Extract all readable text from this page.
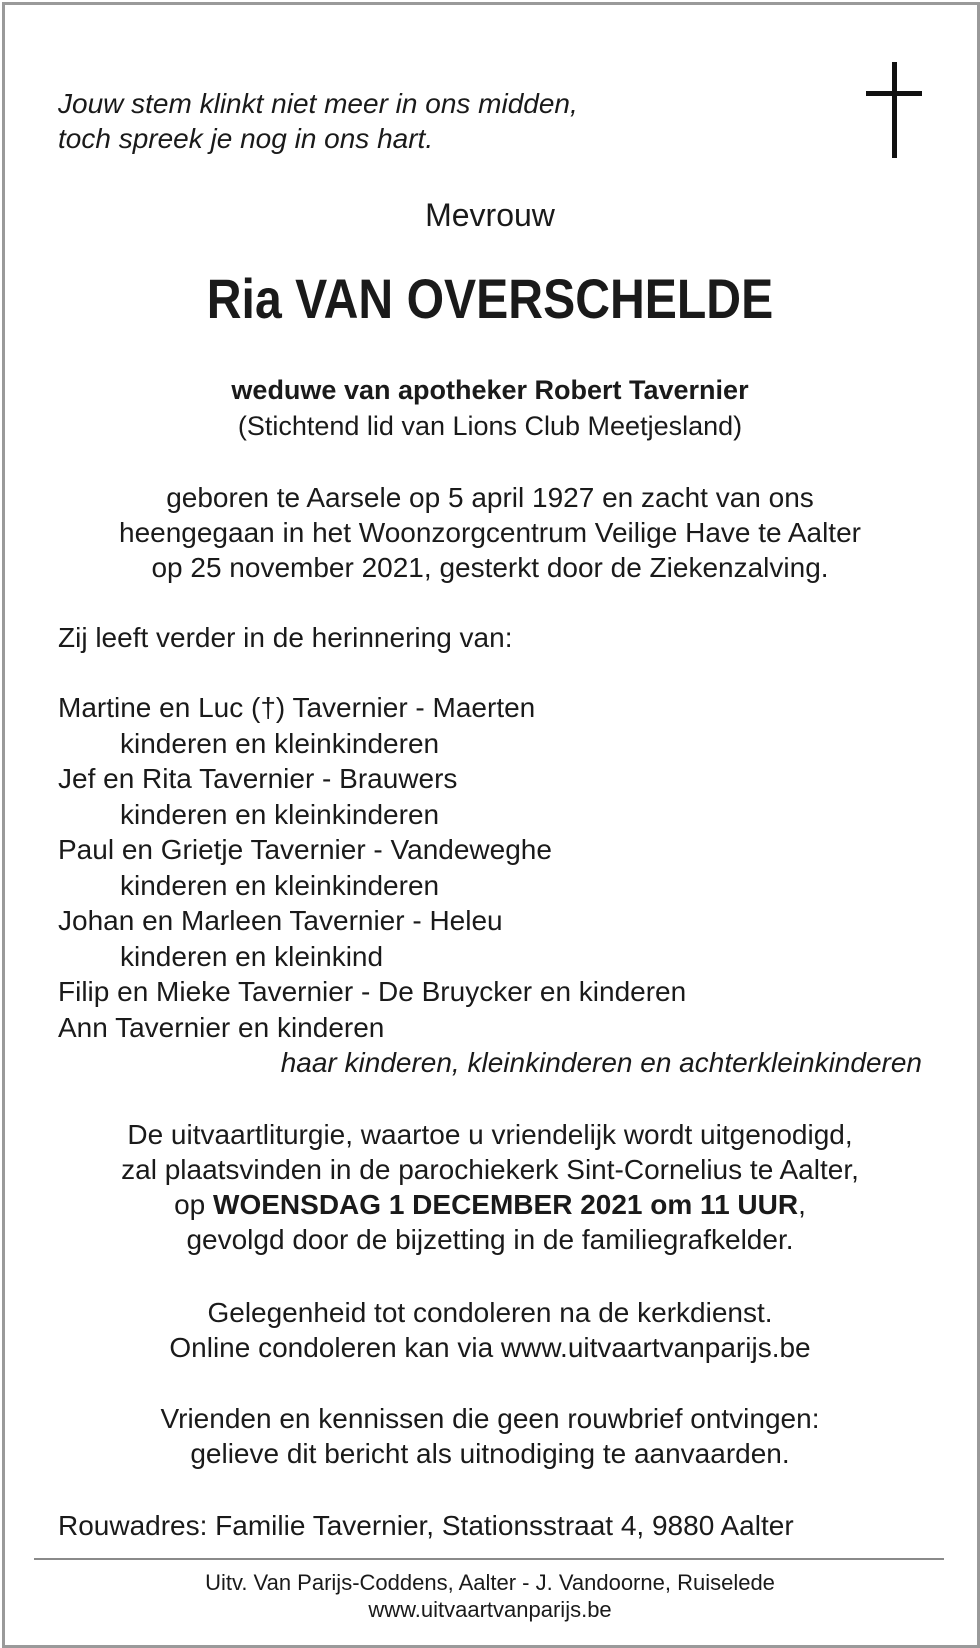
Jouw stem klinkt niet meer in ons midden,
toch spreek je nog in ons hart.
Mevrouw
Ria VAN OVERSCHELDE
weduwe van apotheker Robert Tavernier
(Stichtend lid van Lions Club Meetjesland)
geboren te Aarsele op 5 april 1927 en zacht van ons
heengegaan in het Woonzorgcentrum Veilige Have te Aalter
op 25 november 2021, gesterkt door de Ziekenzalving.
Zij leeft verder in de herinnering van:
Martine en Luc (†) Tavernier - Maerten
kinderen en kleinkinderen
Jef en Rita Tavernier - Brauwers
kinderen en kleinkinderen
Paul en Grietje Tavernier - Vandeweghe
kinderen en kleinkinderen
Johan en Marleen Tavernier - Heleu
kinderen en kleinkind
Filip en Mieke Tavernier - De Bruycker en kinderen
Ann Tavernier en kinderen
haar kinderen, kleinkinderen en achterkleinkinderen
De uitvaartliturgie, waartoe u vriendelijk wordt uitgenodigd,
zal plaatsvinden in de parochiekerk Sint-Cornelius te Aalter,
op WOENSDAG 1 DECEMBER 2021 om 11 UUR,
gevolgd door de bijzetting in de familiegrafkelder.
Gelegenheid tot condoleren na de kerkdienst.
Online condoleren kan via www.uitvaartvanparijs.be
Vrienden en kennissen die geen rouwbrief ontvingen:
gelieve dit bericht als uitnodiging te aanvaarden.
Rouwadres: Familie Tavernier, Stationsstraat 4, 9880 Aalter
Uitv. Van Parijs-Coddens, Aalter - J. Vandoorne, Ruiselede
www.uitvaartvanparijs.be
